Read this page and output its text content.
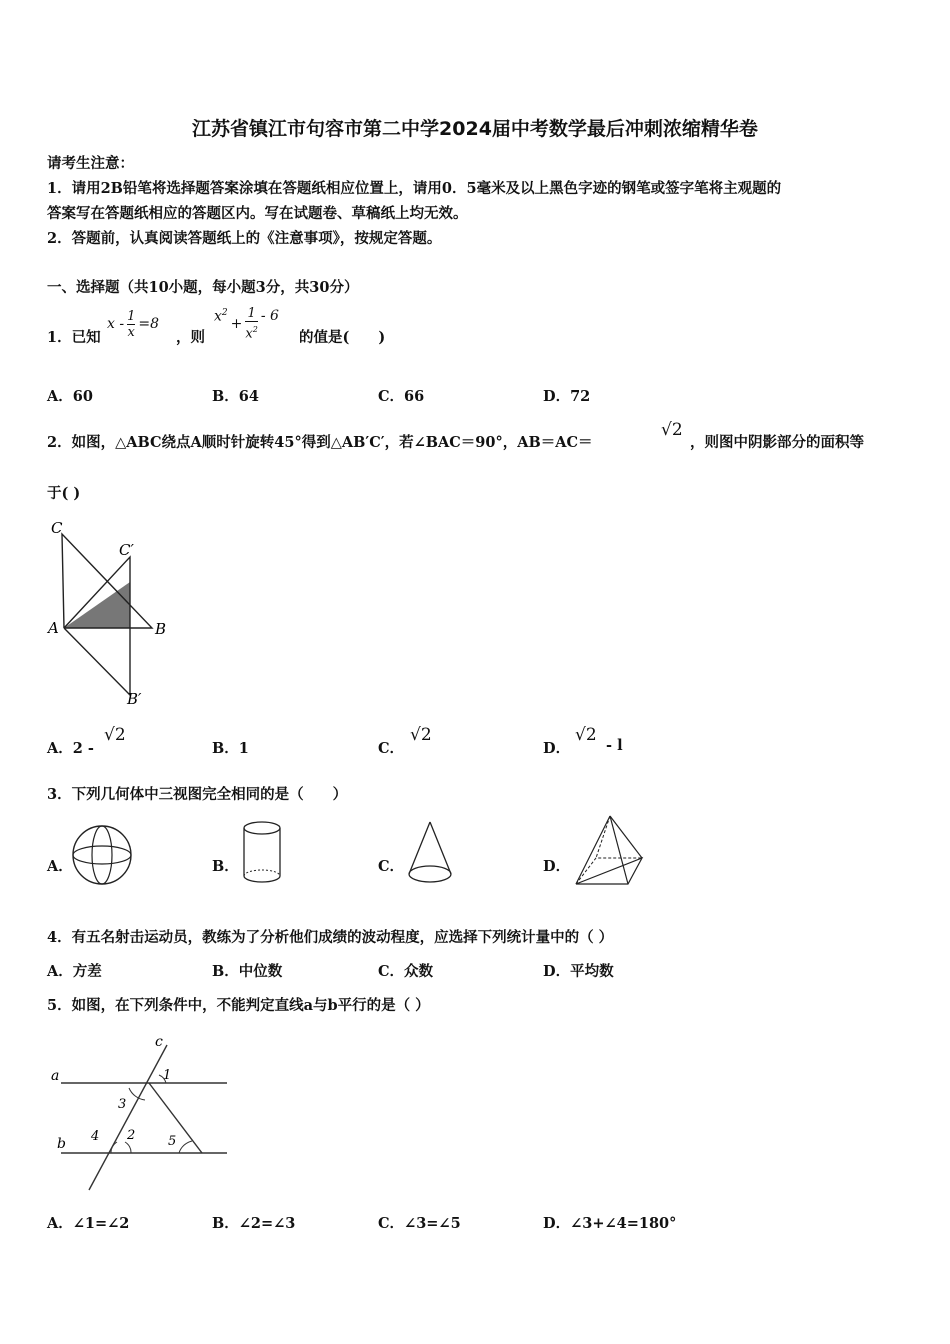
江苏省镇江市句容市第二中学2024届中考数学最后冲刺浓缩精华卷
请考生注意：
1．请用2B铅笔将选择题答案涂填在答题纸相应位置上，请用0．5毫米及以上黑色字迹的钢笔或签字笔将主观题的
答案写在答题纸相应的答题区内。写在试题卷、草稿纸上均无效。
2．答题前，认真阅读答题纸上的《注意事项》，按规定答题。
一、选择题（共10小题，每小题3分，共30分）
1．已知
$x - \frac{1}{x} =8$
，则
$x^2$
+ $\frac{1}{x^2} - 6$
的值是(　　)
A．60	B．64	C．66	D．72
2．如图，△ABC绕点A顺时针旋转45°得到△AB′C′，若∠BAC＝90°，AB＝AC＝
√2
，则图中阴影部分的面积等
于( )
C
C′
A	B
B′
A．2 -
√2
B．1	C．
√2
D．
√2
- l
3．下列几何体中三视图完全相同的是（　　）
A．	B．	C．	D．
4．有五名射击运动员，教练为了分析他们成绩的波动程度，应选择下列统计量中的（ ）
A．方差	B．中位数	C．众数	D．平均数
5．如图，在下列条件中，不能判定直线a与b平行的是（ ）
c
a
b
1
2
3
4	5
A．∠1=∠2	B．∠2=∠3	C．∠3=∠5	D．∠3+∠4=180°
